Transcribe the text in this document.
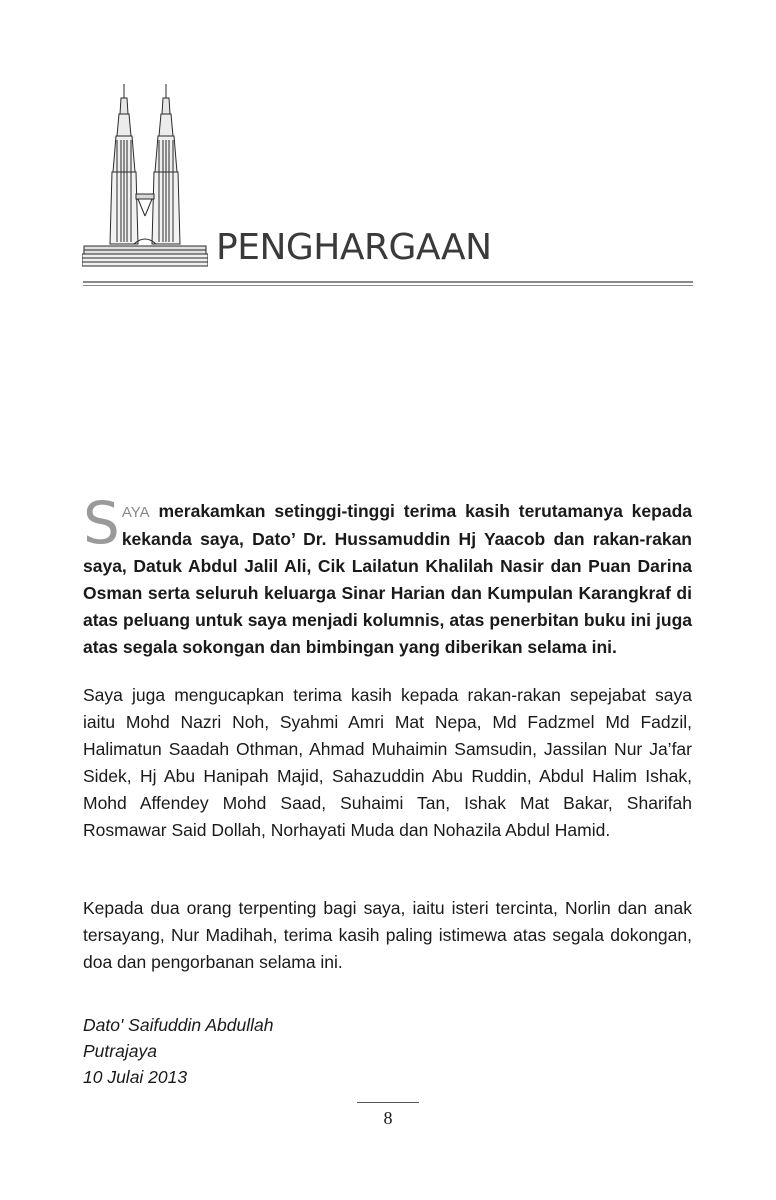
PENGHARGAAN

SAYA merakamkan setinggi-tinggi terima kasih terutamanya kepada kekanda saya, Dato’ Dr. Hussamuddin Hj Yaacob dan rakan-rakan saya, Datuk Abdul Jalil Ali, Cik Lailatun Khalilah Nasir dan Puan Darina Osman serta seluruh keluarga Sinar Harian dan Kumpulan Karangkraf di atas peluang untuk saya menjadi kolumnis, atas penerbitan buku ini juga atas segala sokongan dan bimbingan yang diberikan selama ini.

Saya juga mengucapkan terima kasih kepada rakan-rakan sepejabat saya iaitu Mohd Nazri Noh, Syahmi Amri Mat Nepa, Md Fadzmel Md Fadzil, Halimatun Saadah Othman, Ahmad Muhaimin Samsudin, Jassilan Nur Ja’far Sidek, Hj Abu Hanipah Majid, Sahazuddin Abu Ruddin, Abdul Halim Ishak, Mohd Affendey Mohd Saad, Suhaimi Tan, Ishak Mat Bakar, Sharifah Rosmawar Said Dollah, Norhayati Muda dan Nohazila Abdul Hamid.

Kepada dua orang terpenting bagi saya, iaitu isteri tercinta, Norlin dan anak tersayang, Nur Madihah, terima kasih paling istimewa atas segala dokongan, doa dan pengorbanan selama ini.

Dato' Saifuddin Abdullah
Putrajaya
10 Julai 2013
8
